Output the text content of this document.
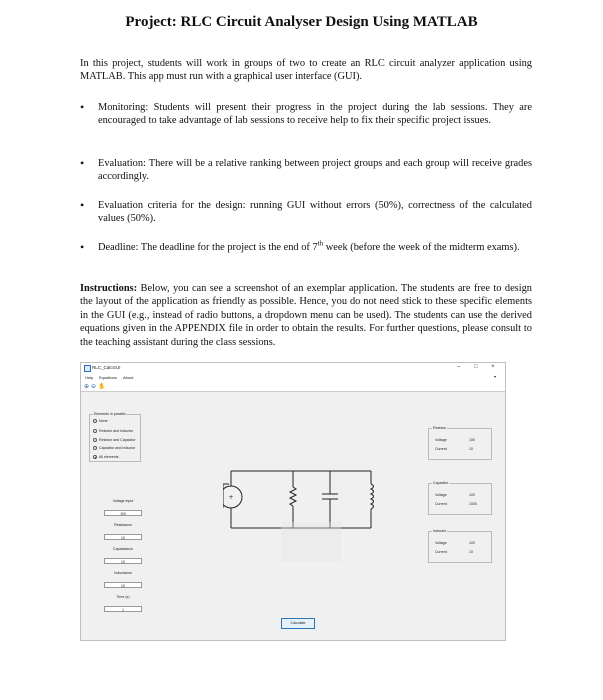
Project: RLC Circuit Analyser Design Using MATLAB

In this project, students will work in groups of two to create an RLC circuit analyzer application using MATLAB. This app must run with a graphical user interface (GUI).

• Monitoring: Students will present their progress in the project during the lab sessions. They are encouraged to take advantage of lab sessions to receive help to fix their specific project issues.
• Evaluation: There will be a relative ranking between project groups and each group will receive grades accordingly.
• Evaluation criteria for the design: running GUI without errors (50%), correctness of the calculated values (50%).
• Deadline: The deadline for the project is the end of 7th week (before the week of the midterm exams).

Instructions: Below, you can see a screenshot of an exemplar application. The students are free to design the layout of the application as friendly as possible. Hence, you do not need stick to these specific elements in the GUI (e.g., instead of radio buttons, a dropdown menu can be used). The students can use the derived equations given in the APPENDIX file in order to obtain the results. For further questions, please consult to the teaching assistant during the class sessions.

RLC_CalcGUI	– □ ×
Help Equations About	▾
⊕ ⊖ ✋
Elements in parallel
None
Resistor and Inductor
Resistor and Capacitor
Capacitor and Inductor
All elements
Voltage input
100
Resistance
10
Capacitance
10
Inductance
10
Time (s)
1
+
Resistor
Voltage	100
Current	10
Capacitor
Voltage	100
Current	1000
Inductor
Voltage	100
Current	10
Calculate
